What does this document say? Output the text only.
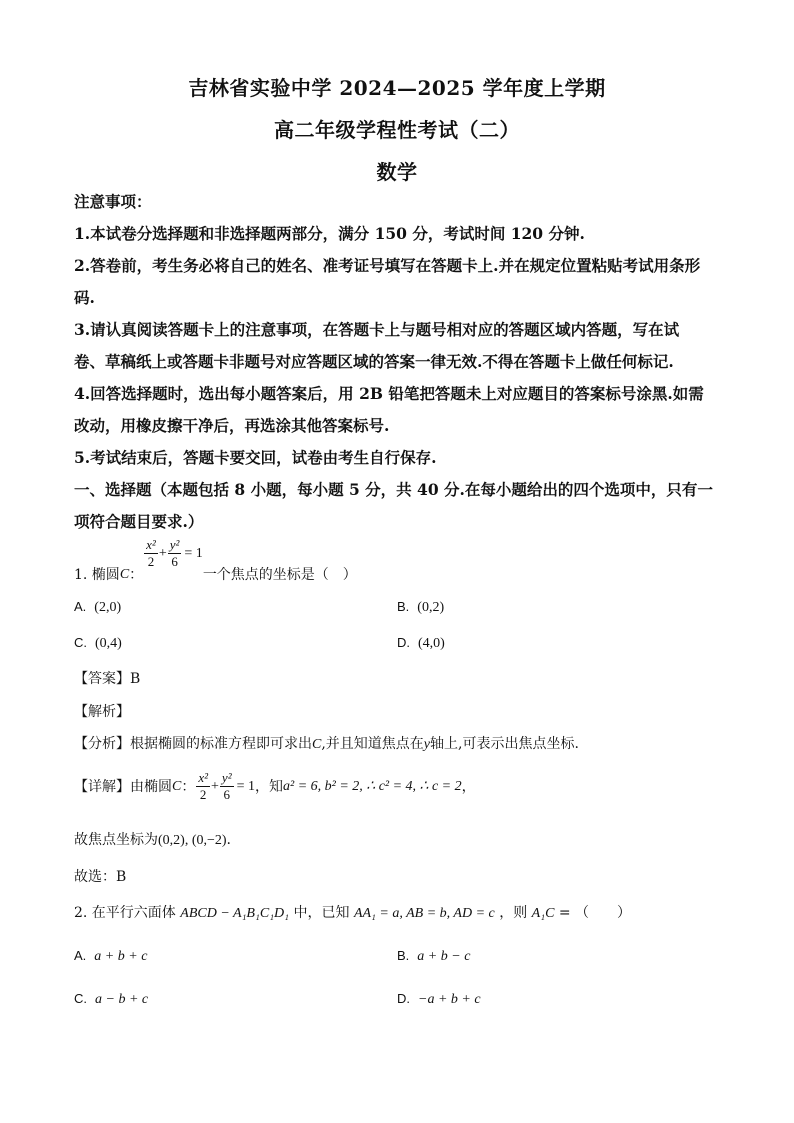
吉林省实验中学 2024—2025 学年度上学期
高二年级学程性考试（二）
数学
注意事项：
1.本试卷分选择题和非选择题两部分，满分 150 分，考试时间 120 分钟.
2.答卷前，考生务必将自己的姓名、准考证号填写在答题卡上.并在规定位置粘贴考试用条形
码.
3.请认真阅读答题卡上的注意事项，在答题卡上与题号相对应的答题区域内答题，写在试
卷、草稿纸上或答题卡非题号对应答题区域的答案一律无效.不得在答题卡上做任何标记.
4.回答选择题时，选出每小题答案后，用 2B 铅笔把答题未上对应题目的答案标号涂黑.如需
改动，用橡皮擦干净后，再选涂其他答案标号.
5.考试结束后，答题卡要交回，试卷由考生自行保存.
一、选择题（本题包括 8 小题，每小题 5 分，共 40 分.在每小题给出的四个选项中，只有一
项符合题目要求.）
1. 椭圆 C ：
$\frac{\text{x²}}{2} + \frac{\text{y²}}{6} = 1$
一个焦点的坐标是（　）
A. (2,0)	B. (0,2)
C. (0,4)	D. (4,0)
【答案】B
【解析】
【分析】根据椭圆的标准方程即可求出C,并且知道焦点在y轴上,可表示出焦点坐标.
【详解】 由椭圆 C ： $\frac{\text{x²}}{2} + \frac{\text{y²}}{6} = 1$ ，知 a² = 6, b² = 2, ∴ c² = 4, ∴ c = 2 ，
故焦点坐标为(0,2), (0,−2).
故选：B
2. 在平行六面体 ABCD − A₁B₁C₁D₁ 中，已知 AA₁ = a, AB = b, AD = c ，则 A₁C = （　　）
A. a + b + c	B. a + b − c
C. a − b + c	D. −a + b + c
